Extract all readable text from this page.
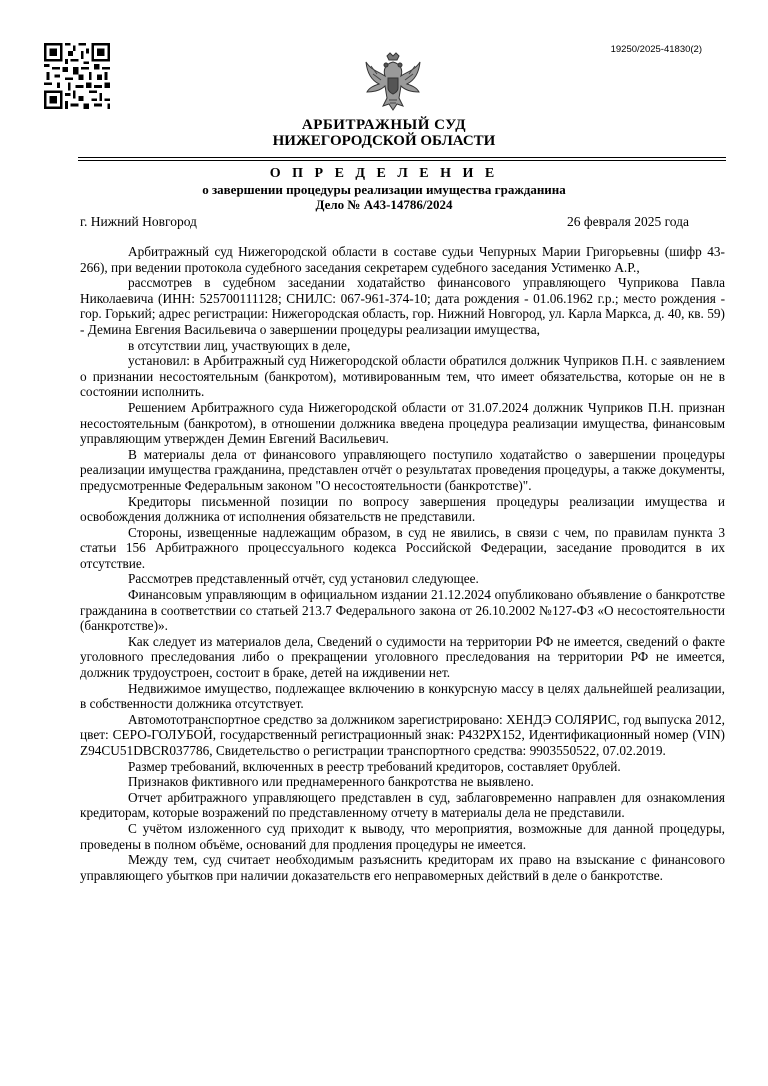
19250/2025-41830(2)
АРБИТРАЖНЫЙ СУД
НИЖЕГОРОДСКОЙ ОБЛАСТИ
О П Р Е Д Е Л Е Н И Е
о завершении процедуры реализации имущества гражданина
Дело № А43-14786/2024
г. Нижний Новгород	26 февраля 2025 года

Арбитражный суд Нижегородской области в составе судьи Чепурных Марии Григорьевны (шифр 43-266), при ведении протокола судебного заседания секретарем судебного заседания Устименко А.Р.,

рассмотрев в судебном заседании ходатайство финансового управляющего Чуприкова Павла Николаевича (ИНН: 525700111128; СНИЛС: 067-961-374-10; дата рождения - 01.06.1962 г.р.; место рождения - гор. Горький; адрес регистрации: Нижегородская область, гор. Нижний Новгород, ул. Карла Маркса, д. 40, кв. 59) - Демина Евгения Васильевича о завершении процедуры реализации имущества,

в отсутствии лиц, участвующих в деле,

установил: в Арбитражный суд Нижегородской области обратился должник Чуприков П.Н. с заявлением о признании несостоятельным (банкротом), мотивированным тем, что имеет обязательства, которые он не в состоянии исполнить.

Решением Арбитражного суда Нижегородской области от 31.07.2024 должник Чуприков П.Н. признан несостоятельным (банкротом), в отношении должника введена процедура реализации имущества, финансовым управляющим утвержден Демин Евгений Васильевич.

В материалы дела от финансового управляющего поступило ходатайство о завершении процедуры реализации имущества гражданина, представлен отчёт о результатах проведения процедуры, а также документы, предусмотренные Федеральным законом "О несостоятельности (банкротстве)".

Кредиторы письменной позиции по вопросу завершения процедуры реализации имущества и освобождения должника от исполнения обязательств не представили.

Стороны, извещенные надлежащим образом, в суд не явились, в связи с чем, по правилам пункта 3 статьи 156 Арбитражного процессуального кодекса Российской Федерации, заседание проводится в их отсутствие.

Рассмотрев представленный отчёт, суд установил следующее.

Финансовым управляющим в официальном издании 21.12.2024 опубликовано объявление о банкротстве гражданина в соответствии со статьей 213.7 Федерального закона от 26.10.2002 №127-ФЗ «О несостоятельности (банкротстве)».

Как следует из материалов дела, Сведений о судимости на территории РФ не имеется, сведений о факте уголовного преследования либо о прекращении уголовного преследования на территории РФ не имеется, должник трудоустроен, состоит в браке, детей на иждивении нет.

Недвижимое имущество, подлежащее включению в конкурсную массу в целях дальнейшей реализации, в собственности должника отсутствует.

Автомототранспортное средство за должником зарегистрировано: ХЕНДЭ СОЛЯРИС, год выпуска 2012, цвет: СЕРО-ГОЛУБОЙ, государственный регистрационный знак: Р432РХ152, Идентификационный номер (VIN) Z94CU51DBCR037786, Свидетельство о регистрации транспортного средства: 9903550522, 07.02.2019.

Размер требований, включенных в реестр требований кредиторов, составляет 0рублей.

Признаков фиктивного или преднамеренного банкротства не выявлено.

Отчет арбитражного управляющего представлен в суд, заблаговременно направлен для ознакомления кредиторам, которые возражений по представленному отчету в материалы дела не представили.

С учётом изложенного суд приходит к выводу, что мероприятия, возможные для данной процедуры, проведены в полном объёме, оснований для продления процедуры не имеется.

Между тем, суд считает необходимым разъяснить кредиторам их право на взыскание с финансового управляющего убытков при наличии доказательств его неправомерных действий в деле о банкротстве.
